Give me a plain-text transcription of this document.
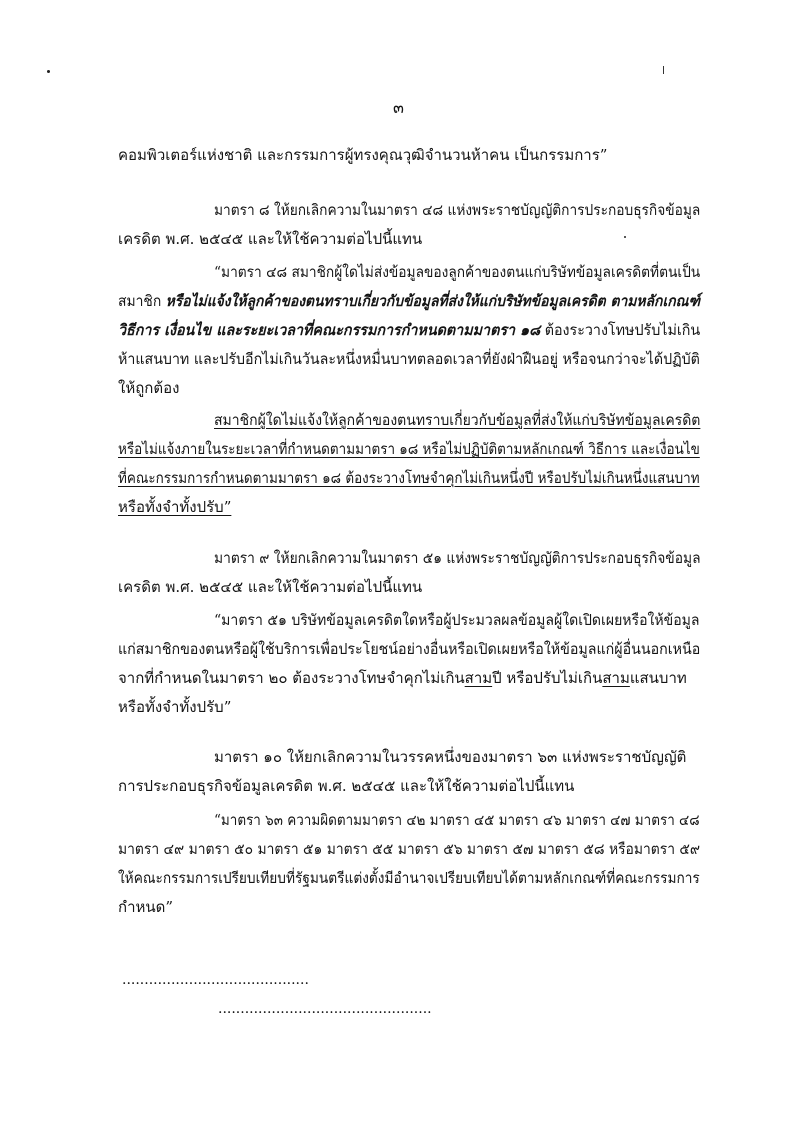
๓
คอมพิวเตอร์แห่งชาติ และกรรมการผู้ทรงคุณวุฒิจำนวนห้าคน เป็นกรรมการ”
มาตรา ๘ ให้ยกเลิกความในมาตรา ๔๘ แห่งพระราชบัญญัติการประกอบธุรกิจข้อมูล
เครดิต พ.ศ. ๒๕๔๕ และให้ใช้ความต่อไปนี้แทน
“มาตรา ๔๘ สมาชิกผู้ใดไม่ส่งข้อมูลของลูกค้าของตนแก่บริษัทข้อมูลเครดิตที่ตนเป็น
สมาชิก หรือไม่แจ้งให้ลูกค้าของตนทราบเกี่ยวกับข้อมูลที่ส่งให้แก่บริษัทข้อมูลเครดิต ตามหลักเกณฑ์
วิธีการ เงื่อนไข และระยะเวลาที่คณะกรรมการกำหนดตามมาตรา ๑๘ ต้องระวางโทษปรับไม่เกิน
ห้าแสนบาท และปรับอีกไม่เกินวันละหนึ่งหมื่นบาทตลอดเวลาที่ยังฝ่าฝืนอยู่ หรือจนกว่าจะได้ปฏิบัติ
ให้ถูกต้อง
สมาชิกผู้ใดไม่แจ้งให้ลูกค้าของตนทราบเกี่ยวกับข้อมูลที่ส่งให้แก่บริษัทข้อมูลเครดิต
หรือไม่แจ้งภายในระยะเวลาที่กำหนดตามมาตรา ๑๘ หรือไม่ปฏิบัติตามหลักเกณฑ์ วิธีการ และเงื่อนไข
ที่คณะกรรมการกำหนดตามมาตรา ๑๘ ต้องระวางโทษจำคุกไม่เกินหนึ่งปี หรือปรับไม่เกินหนึ่งแสนบาท
หรือทั้งจำทั้งปรับ”
มาตรา ๙ ให้ยกเลิกความในมาตรา ๕๑ แห่งพระราชบัญญัติการประกอบธุรกิจข้อมูล
เครดิต พ.ศ. ๒๕๔๕ และให้ใช้ความต่อไปนี้แทน
“มาตรา ๕๑ บริษัทข้อมูลเครดิตใดหรือผู้ประมวลผลข้อมูลผู้ใดเปิดเผยหรือให้ข้อมูล
แก่สมาชิกของตนหรือผู้ใช้บริการเพื่อประโยชน์อย่างอื่นหรือเปิดเผยหรือให้ข้อมูลแก่ผู้อื่นนอกเหนือ
จากที่กำหนดในมาตรา ๒๐ ต้องระวางโทษจำคุกไม่เกินสามปี หรือปรับไม่เกินสามแสนบาท
หรือทั้งจำทั้งปรับ”
มาตรา ๑๐ ให้ยกเลิกความในวรรคหนึ่งของมาตรา ๖๓ แห่งพระราชบัญญัติ
การประกอบธุรกิจข้อมูลเครดิต พ.ศ. ๒๕๔๕ และให้ใช้ความต่อไปนี้แทน
“มาตรา ๖๓ ความผิดตามมาตรา ๔๒ มาตรา ๔๕ มาตรา ๔๖ มาตรา ๔๗ มาตรา ๔๘
มาตรา ๔๙ มาตรา ๕๐ มาตรา ๕๑ มาตรา ๕๕ มาตรา ๕๖ มาตรา ๕๗ มาตรา ๕๘ หรือมาตรา ๕๙
ให้คณะกรรมการเปรียบเทียบที่รัฐมนตรีแต่งตั้งมีอำนาจเปรียบเทียบได้ตามหลักเกณฑ์ที่คณะกรรมการ
กำหนด”
..........................................
................................................
